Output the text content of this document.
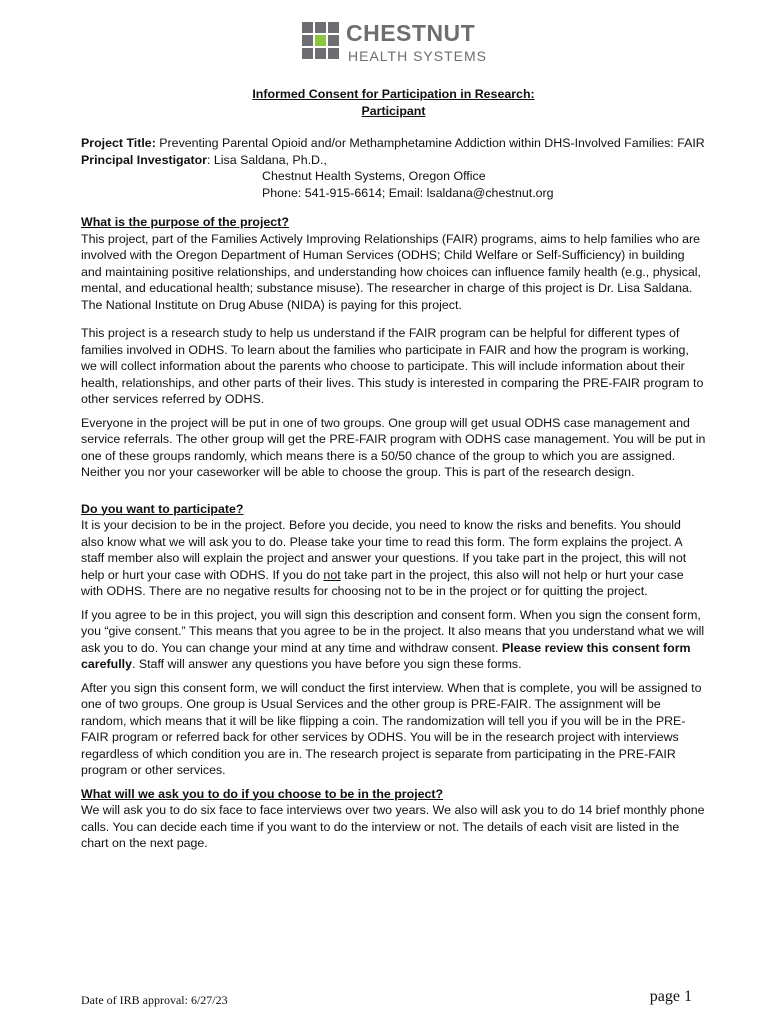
CHESTNUT
HEALTH SYSTEMS

Informed Consent for Participation in Research:

Participant

Project Title: Preventing Parental Opioid and/or Methamphetamine Addiction within DHS-Involved Families: FAIR

Principal Investigator: Lisa Saldana, Ph.D.,

Chestnut Health Systems, Oregon Office

Phone: 541-915-6614; Email: lsaldana@chestnut.org

What is the purpose of the project?

This project, part of the Families Actively Improving Relationships (FAIR) programs, aims to help families who are involved with the Oregon Department of Human Services (ODHS; Child Welfare or Self-Sufficiency) in building and maintaining positive relationships, and understanding how choices can influence family health (e.g., physical, mental, and educational health; substance misuse). The researcher in charge of this project is Dr. Lisa Saldana. The National Institute on Drug Abuse (NIDA) is paying for this project.

This project is a research study to help us understand if the FAIR program can be helpful for different types of families involved in ODHS. To learn about the families who participate in FAIR and how the program is working, we will collect information about the parents who choose to participate. This will include information about their health, relationships, and other parts of their lives. This study is interested in comparing the PRE-FAIR program to other services referred by ODHS.

Everyone in the project will be put in one of two groups. One group will get usual ODHS case management and service referrals. The other group will get the PRE-FAIR program with ODHS case management. You will be put in one of these groups randomly, which means there is a 50/50 chance of the group to which you are assigned. Neither you nor your caseworker will be able to choose the group. This is part of the research design.

Do you want to participate?

It is your decision to be in the project. Before you decide, you need to know the risks and benefits. You should also know what we will ask you to do. Please take your time to read this form. The form explains the project. A staff member also will explain the project and answer your questions. If you take part in the project, this will not help or hurt your case with ODHS. If you do not take part in the project, this also will not help or hurt your case with ODHS. There are no negative results for choosing not to be in the project or for quitting the project.

If you agree to be in this project, you will sign this description and consent form. When you sign the consent form, you “give consent.” This means that you agree to be in the project. It also means that you understand what we will ask you to do. You can change your mind at any time and withdraw consent. Please review this consent form carefully. Staff will answer any questions you have before you sign these forms.

After you sign this consent form, we will conduct the first interview. When that is complete, you will be assigned to one of two groups. One group is Usual Services and the other group is PRE-FAIR. The assignment will be random, which means that it will be like flipping a coin. The randomization will tell you if you will be in the PRE-FAIR program or referred back for other services by ODHS. You will be in the research project with interviews regardless of which condition you are in. The research project is separate from participating in the PRE-FAIR program or other services.

What will we ask you to do if you choose to be in the project?

We will ask you to do six face to face interviews over two years. We also will ask you to do 14 brief monthly phone calls. You can decide each time if you want to do the interview or not. The details of each visit are listed in the chart on the next page.

Date of IRB approval: 6/27/23	page 1
